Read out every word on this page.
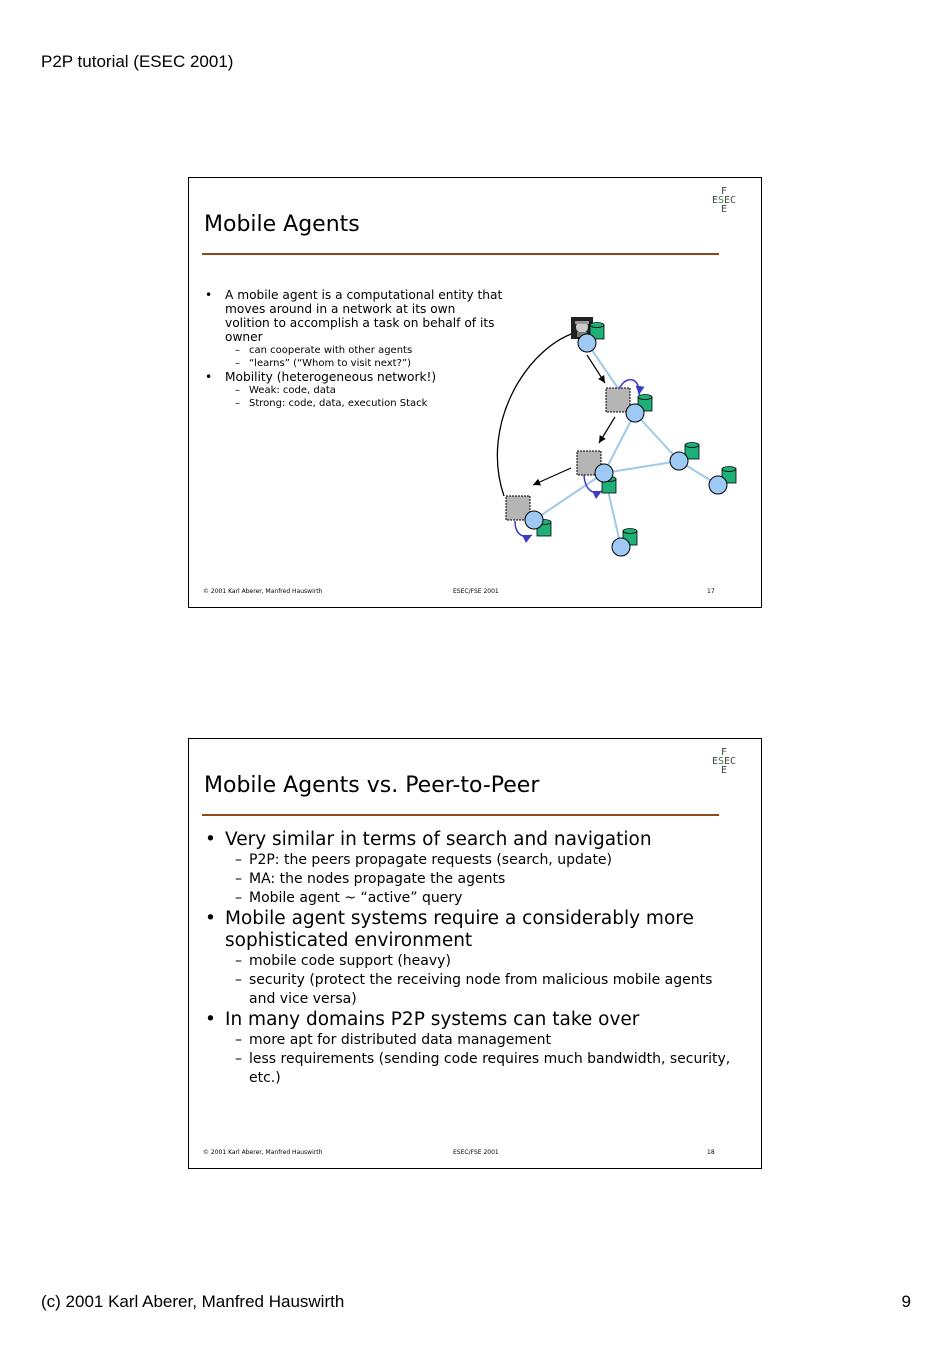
P2P tutorial (ESEC 2001)
F
ESEC
E
Mobile Agents
• A mobile agent is a computational entity that moves around in a network at its own volition to accomplish a task on behalf of its owner
– can cooperate with other agents
– “learns” (“Whom to visit next?”)
• Mobility (heterogeneous network!)
– Weak: code, data
– Strong: code, data, execution Stack
© 2001 Karl Aberer, Manfred Hauswirth	ESEC/FSE 2001	17
F
ESEC
E
Mobile Agents vs. Peer-to-Peer
• Very similar in terms of search and navigation
– P2P: the peers propagate requests (search, update)
– MA: the nodes propagate the agents
– Mobile agent ~ “active” query
• Mobile agent systems require a considerably more sophisticated environment
– mobile code support (heavy)
– security (protect the receiving node from malicious mobile agents and vice versa)
• In many domains P2P systems can take over
– more apt for distributed data management
– less requirements (sending code requires much bandwidth, security, etc.)
© 2001 Karl Aberer, Manfred Hauswirth	ESEC/FSE 2001	18
(c) 2001 Karl Aberer, Manfred Hauswirth	9
